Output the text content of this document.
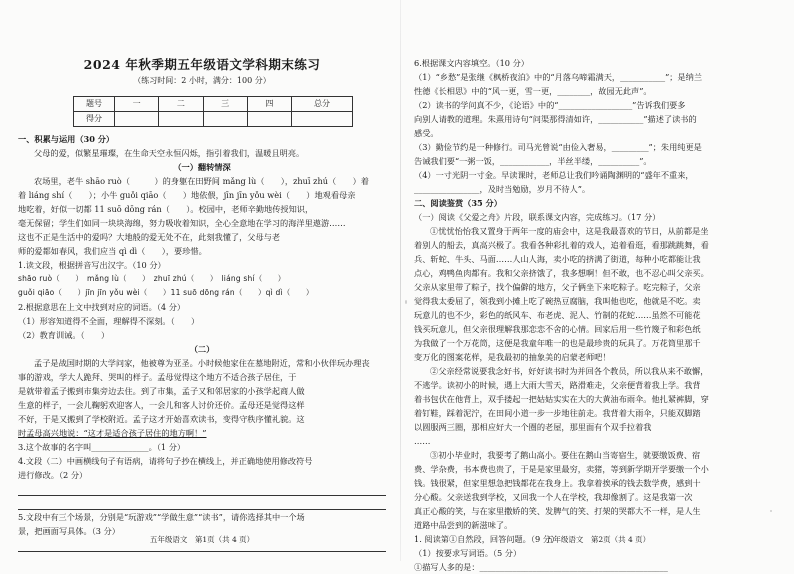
2024 年秋季期五年级语文学科期末练习
（练习时间：2 小时，满分：100 分）
题号	一	二	三	四	总分
得分					

一、积累与运用（30 分）

父母的爱，似繁星璀璨，在生命天空永恒闪烁，指引着我们，温暖且明亮。

（一）翻转情深

农场里，老牛 shāo ruò（　　　）的身躯在田野间 mǎng lù（　　），zhuī zhú（　　）着

着 liáng shí（　　）；小牛 guǒi qiāo（　　）地依偎，jīn jīn yǒu wèi（　　）地观看母亲

地吃着，好似一切都 11 suō dōng rán（　　）。校园中，老师辛勤地传授知识，

毫无保留；学生们如同一块块海绵，努力吸收着知识，全心全意地在学习的海洋里遨游……

这也不正是生活中的爱吗？大地般的爱无处不在，此刻我懂了，父母与老

师的爱都如春风，我们应当 qì dì（　　），要珍惜。

1.读文段，根据拼音写出汉字。（10 分）

shāo ruò（　　）　mǎng lù（　　）　zhuī zhú（　　）　liáng shí（　　）

guǒi qiāo（　　）jīn jīn yǒu wèi（　　）11 suō dōng rán（　　）qì dì（　　）

2.根据意思在上文中找到对应的词语。（4 分）

（1）形容知道得不全面，理解得不深刻。（　　）

（2）教育训诫。（　　）

（二）

孟子是战国时期的大学问家，他被尊为亚圣。小时候他家住在墓地附近，常和小伙伴玩办理丧

事的游戏，学大人跪拜、哭叫的样子。孟母觉得这个地方不适合孩子居住，于

是就带着孟子搬到市集旁边去住。到了市集，孟子又和邻居家的小孩学起商人做

生意的样子，一会儿鞠躬欢迎客人，一会儿和客人讨价还价。孟母还是觉得这样

不好，于是又搬到了学校附近。孟子这才开始喜欢读书，变得守秩序懂礼貌。这

时孟母高兴地说：“这才是适合孩子居住的地方啊！”

3.这个故事的名字叫______________。（1 分）

4.文段（二）中画横线句子有语病，请将句子抄在横线上，并正确地使用修改符号

进行修改。（2 分）

5.文段中有三个场景，分别是“玩游戏”“学做生意”“读书”，请你选择其中一个场

景，把画面写具体。（3 分）

五年级语文　第1页（共 4 页）

6.根据课文内容填空。（10 分）

（1）“乡愁”是张继《枫桥夜泊》中的“月落乌啼霜满天，___________”；是纳兰

性德《长相思》中的“风一更，雪一更，________，故园无此声”。

（2）读书的学问真不少，《论语》中的“__________________”告诉我们要多

向别人请教的道理。朱熹用诗句“问渠那得清如许，___________”描述了读书的

感受。

（3）勤俭节约是一种修行。司马光曾说“由俭入奢易，_________”；朱用纯更是

告诫我们要“一粥一饭，____________，半丝半缕，__________”。

（4）一寸光阴一寸金。早读课时，老师总让我们吟诵陶渊明的“盛年不重来，

________________，及时当勉励，岁月不待人”。

二、阅读鉴赏（35 分）

（一）阅读《父爱之舟》片段，联系课文内容，完成练习。（17 分）

①忧忧怡怡我又置身于两年一度的庙会中，这是我最喜欢的节日，从前都是坐

着别人的船去，真高兴极了。我看各种彩扎着的戏人，追着看逛，看那跳跳舞，看

兵、斩蛇、牛头、马面……人山人海，卖小吃的挤满了街道，每种小吃都能让我

点心，鸡鸭鱼肉都有。我和父亲挤饿了，我多想啊！但不敢，也不忍心叫父亲买。

父亲从家里带了粽子，找个偏僻的地方，父子俩坐下来吃粽子。吃完粽子，父亲

觉得我太委屈了，领我到小摊上吃了碗热豆腐脑，我叫他也吃，他就是不吃。卖

玩意儿的也不少，彩色的纸风车、布老虎、泥人、竹制的花蛇……虽然不可能花

钱买玩意儿，但父亲很理解我那恋恋不舍的心情。回家后用一些竹篾子和彩色纸

为我做了一个万花筒，这便是我童年唯一的也是最珍贵的玩具了。万花筒里那千

变万化的图案花样，是我最初的抽象美的启蒙老师吧！

②父亲经常说要我念好书，好好读书时为并回各个教员，所以我从来不敢懈，

不逃学。读初小的时候，遇上大雨大雪天，路滑难走，父亲便背着我上学。我背

着书包伏在他背上，双手搂起一把姑姑实实在大的大黄油布雨伞。他扎紧裤脚，穿

着钉鞋，踩着泥泞，在田间小道一步一步地往前走。我背着大雨伞，只能双脚踏

以圆服两三圈，那相应好大一个圈的老屋，那里面有个双手拉着我

……

③初小毕业时，我要考了鹅山高小。要住在鹅山当寄宿生，就要缴饭费、宿

费、学杂费，书本费也贵了，于是是家里最穷，卖猪，等到新学期开学要缴一个小

钱。钱很紧，但家里想急把钱都花在我身上。我拿着挨承的钱去数学费，感到十

分心酸。父亲送我到学校，又回我一个人在学校，我却像割了。这是我第一次

真正心酸的笑，与在家里撒娇的笑、发脾气的笑、打架的哭都大不一样，是人生

道路中品尝到的新滋味了。

1. 阅读第①自然段，回答问题。（9 分）

（1）按要求写词语。（5 分）

①描写人多的是：______________________________________________

五年级语文　第2页（共 4 页）
